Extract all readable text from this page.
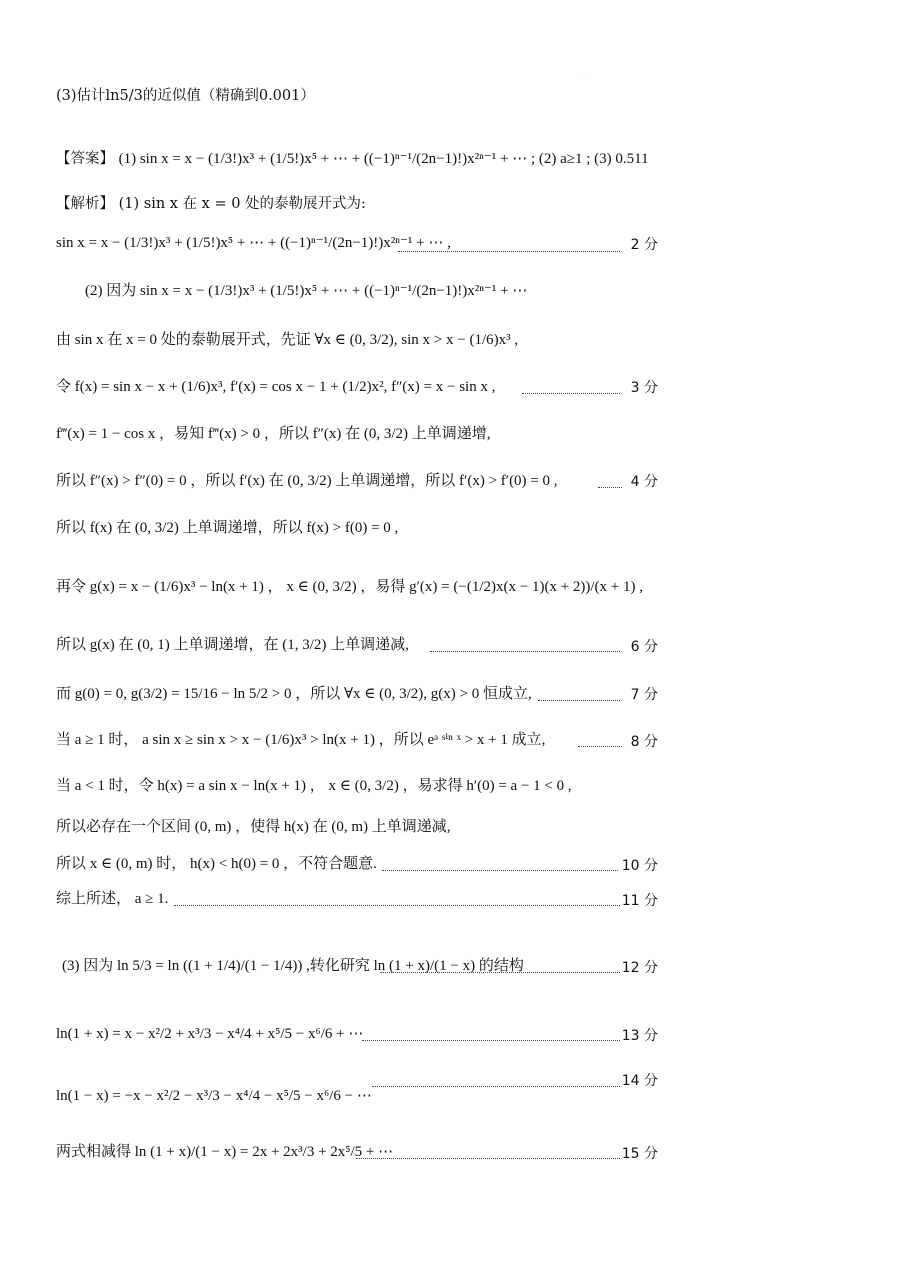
.
(3)估计ln5/3的近似值（精确到0.001）
【答案】 (1) sin x = x − (1/3!)x³ + (1/5!)x⁵ + ⋯ + ((−1)ⁿ⁻¹/(2n−1)!)x²ⁿ⁻¹ + ⋯ ; (2) a≥1 ; (3) 0.511
【解析】 (1) sin x 在 x = 0 处的泰勒展开式为:
sin x = x − (1/3!)x³ + (1/5!)x⁵ + ⋯ + ((−1)ⁿ⁻¹/(2n−1)!)x²ⁿ⁻¹ + ⋯ ,	2 分
(2) 因为 sin x = x − (1/3!)x³ + (1/5!)x⁵ + ⋯ + ((−1)ⁿ⁻¹/(2n−1)!)x²ⁿ⁻¹ + ⋯
由 sin x 在 x = 0 处的泰勒展开式，先证 ∀x ∈ (0, 3/2), sin x > x − (1/6)x³ ,
令 f(x) = sin x − x + (1/6)x³, f′(x) = cos x − 1 + (1/2)x², f″(x) = x − sin x ,	3 分
f‴(x) = 1 − cos x ，易知 f‴(x) > 0 ，所以 f″(x) 在 (0, 3/2) 上单调递增,
所以 f″(x) > f″(0) = 0 ，所以 f′(x) 在 (0, 3/2) 上单调递增，所以 f′(x) > f′(0) = 0 ,	4 分
所以 f(x) 在 (0, 3/2) 上单调递增，所以 f(x) > f(0) = 0 ,
再令 g(x) = x − (1/6)x³ − ln(x + 1) ， x ∈ (0, 3/2) ，易得 g′(x) = (−(1/2)x(x − 1)(x + 2))/(x + 1) ,
所以 g(x) 在 (0, 1) 上单调递增，在 (1, 3/2) 上单调递减,	6 分
而 g(0) = 0, g(3/2) = 15/16 − ln 5/2 > 0 ，所以 ∀x ∈ (0, 3/2), g(x) > 0 恒成立,	7 分
当 a ≥ 1 时， a sin x ≥ sin x > x − (1/6)x³ > ln(x + 1) ，所以 eᵃ ˢⁱⁿ ˣ > x + 1 成立,	8 分
当 a < 1 时，令 h(x) = a sin x − ln(x + 1) ， x ∈ (0, 3/2) ，易求得 h′(0) = a − 1 < 0 ,
所以必存在一个区间 (0, m) ，使得 h(x) 在 (0, m) 上单调递减,
所以 x ∈ (0, m) 时， h(x) < h(0) = 0 ，不符合题意.	10 分
综上所述， a ≥ 1.	11 分
(3) 因为 ln 5/3 = ln ((1 + 1/4)/(1 − 1/4)) ,转化研究 ln (1 + x)/(1 − x) 的结构	12 分
ln(1 + x) = x − x²/2 + x³/3 − x⁴/4 + x⁵/5 − x⁶/6 + ⋯	13 分
14 分
ln(1 − x) = −x − x²/2 − x³/3 − x⁴/4 − x⁵/5 − x⁶/6 − ⋯
两式相减得 ln (1 + x)/(1 − x) = 2x + 2x³/3 + 2x⁵/5 + ⋯	15 分
